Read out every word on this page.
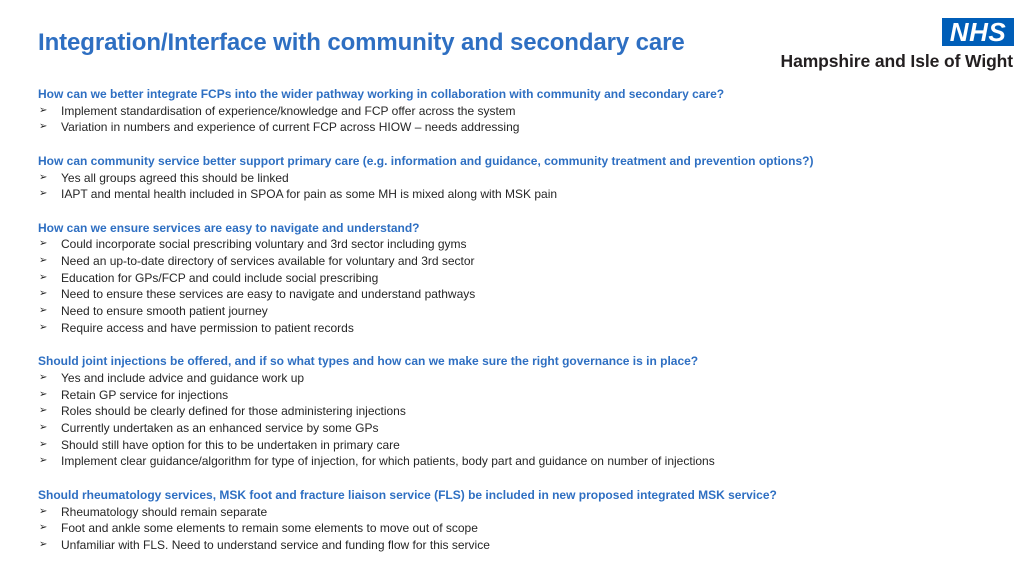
Integration/Interface with community and secondary care	NHS
Hampshire and Isle of Wight
How can we better integrate FCPs into the wider pathway working in collaboration with community and secondary care?
➢ Implement standardisation of experience/knowledge and FCP offer across the system
➢ Variation in numbers and experience of current FCP across HIOW – needs addressing
How can community service better support primary care (e.g. information and guidance, community treatment and prevention options?)
➢ Yes all groups agreed this should be linked
➢ IAPT and mental health included in SPOA for pain as some MH is mixed along with MSK pain
How can we ensure services are easy to navigate and understand?
➢ Could incorporate social prescribing voluntary and 3rd sector including gyms
➢ Need an up-to-date directory of services available for voluntary and 3rd sector
➢ Education for GPs/FCP and could include social prescribing
➢ Need to ensure these services are easy to navigate and understand pathways
➢ Need to ensure smooth patient journey
➢ Require access and have permission to patient records
Should joint injections be offered, and if so what types and how can we make sure the right governance is in place?
➢ Yes and include advice and guidance work up
➢ Retain GP service for injections
➢ Roles should be clearly defined for those administering injections
➢ Currently undertaken as an enhanced service by some GPs
➢ Should still have option for this to be undertaken in primary care
➢ Implement clear guidance/algorithm for type of injection, for which patients, body part and guidance on number of injections
Should rheumatology services, MSK foot and fracture liaison service (FLS) be included in new proposed integrated MSK service?
➢ Rheumatology should remain separate
➢ Foot and ankle some elements to remain some elements to move out of scope
➢ Unfamiliar with FLS. Need to understand service and funding flow for this service
